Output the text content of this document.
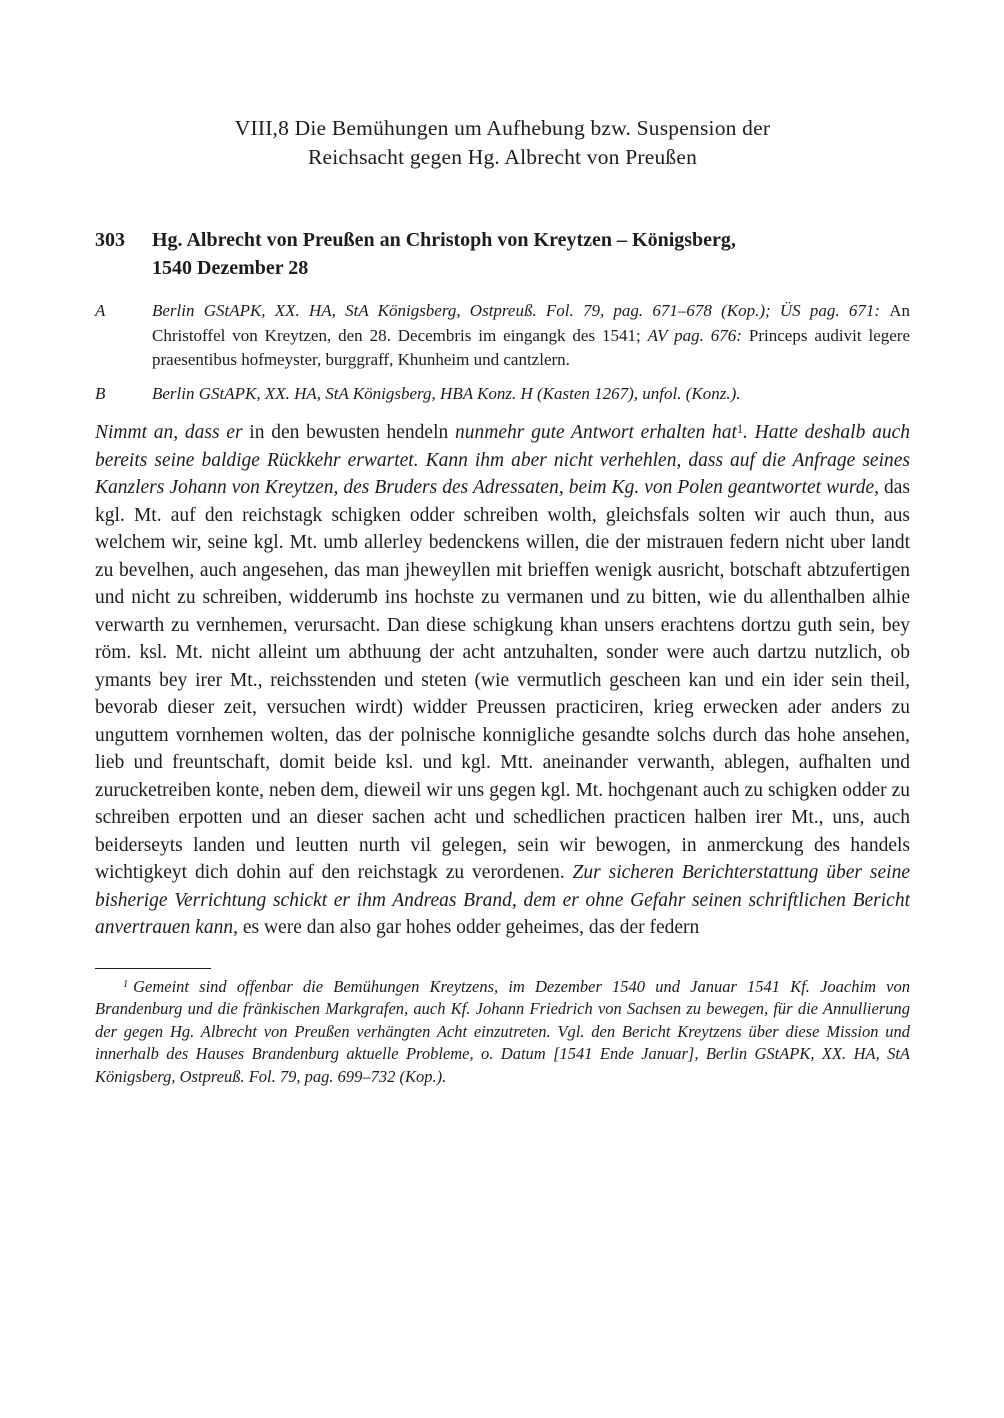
VIII,8 Die Bemühungen um Aufhebung bzw. Suspension der
Reichsacht gegen Hg. Albrecht von Preußen
303	Hg. Albrecht von Preußen an Christoph von Kreytzen – Königsberg,
1540 Dezember 28
A	Berlin GStAPK, XX. HA, StA Königsberg, Ostpreuß. Fol. 79, pag. 671–678 (Kop.); ÜS pag. 671: An Christoffel von Kreytzen, den 28. Decembris im eingangk des 1541; AV pag. 676: Princeps audivit legere praesentibus hofmeyster, burggraff, Khunheim und cantzlern.
B	Berlin GStAPK, XX. HA, StA Königsberg, HBA Konz. H (Kasten 1267), unfol. (Konz.).
Nimmt an, dass er in den bewusten hendeln nunmehr gute Antwort erhalten hat$^1$. Hatte deshalb auch bereits seine baldige Rückkehr erwartet. Kann ihm aber nicht verhehlen, dass auf die Anfrage seines Kanzlers Johann von Kreytzen, des Bruders des Adressaten, beim Kg. von Polen geantwortet wurde, das kgl. Mt. auf den reichstagk schigken odder schreiben wolth, gleichsfals solten wir auch thun, aus welchem wir, seine kgl. Mt. umb allerley bedenckens willen, die der mistrauen federn nicht uber landt zu bevelhen, auch angesehen, das man jheweyllen mit brieffen wenigk ausricht, botschaft abtzufertigen und nicht zu schreiben, widderumb ins hochste zu vermanen und zu bitten, wie du allenthalben alhie verwarth zu vernhemen, verursacht. Dan diese schigkung khan unsers erachtens dortzu guth sein, bey röm. ksl. Mt. nicht alleint um abthuung der acht antzuhalten, sonder were auch dartzu nutzlich, ob ymants bey irer Mt., reichsstenden und steten (wie vermutlich gescheen kan und ein ider sein theil, bevorab dieser zeit, versuchen wirdt) widder Preussen practiciren, krieg erwecken ader anders zu unguttem vornhemen wolten, das der polnische konnigliche gesandte solchs durch das hohe ansehen, lieb und freuntschaft, domit beide ksl. und kgl. Mtt. aneinander verwanth, ablegen, aufhalten und zurucketreiben konte, neben dem, dieweil wir uns gegen kgl. Mt. hochgenant auch zu schigken odder zu schreiben erpotten und an dieser sachen acht und schedlichen practicen halben irer Mt., uns, auch beiderseyts landen und leutten nurth vil gelegen, sein wir bewogen, in anmerckung des handels wichtigkeyt dich dohin auf den reichstagk zu verordenen. Zur sicheren Berichterstattung über seine bisherige Verrichtung schickt er ihm Andreas Brand, dem er ohne Gefahr seinen schriftlichen Bericht anvertrauen kann, es were dan also gar hohes odder geheimes, das der federn

$^1$ Gemeint sind offenbar die Bemühungen Kreytzens, im Dezember 1540 und Januar 1541 Kf. Joachim von Brandenburg und die fränkischen Markgrafen, auch Kf. Johann Friedrich von Sachsen zu bewegen, für die Annullierung der gegen Hg. Albrecht von Preußen verhängten Acht einzutreten. Vgl. den Bericht Kreytzens über diese Mission und innerhalb des Hauses Brandenburg aktuelle Probleme, o. Datum [1541 Ende Januar], Berlin GStAPK, XX. HA, StA Königsberg, Ostpreuß. Fol. 79, pag. 699–732 (Kop.).
